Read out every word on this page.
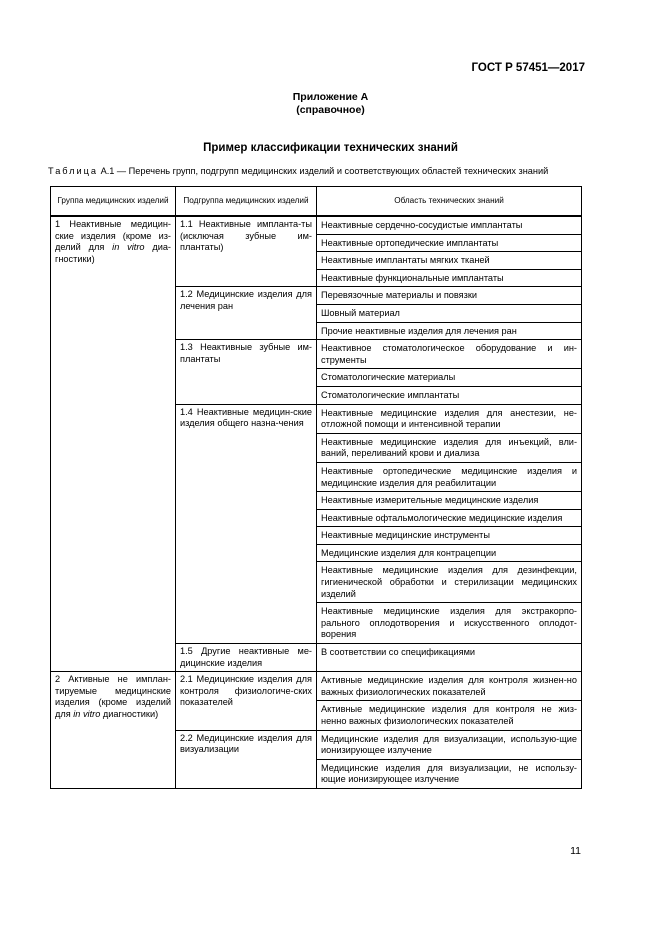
ГОСТ Р 57451—2017
Приложение А
(справочное)
Пример классификации технических знаний
Таблица А.1 — Перечень групп, подгрупп медицинских изделий и соответствующих областей технических знаний
Группа медицинских изделий	Подгруппа медицинских изделий	Область технических знаний
1 Неактивные медицин-ские изделия (кроме из-делий для in vitro диа-гностики)	1.1 Неактивные импланта-ты (исключая зубные им-плантаты)	Неактивные сердечно-сосудистые имплантаты
		Неактивные ортопедические имплантаты
		Неактивные имплантаты мягких тканей
		Неактивные функциональные имплантаты
	1.2 Медицинские изделия для лечения ран	Перевязочные материалы и повязки
		Шовный материал
		Прочие неактивные изделия для лечения ран
	1.3 Неактивные зубные им-плантаты	Неактивное стоматологическое оборудование и ин-струменты
		Стоматологические материалы
		Стоматологические имплантаты
	1.4 Неактивные медицин-ские изделия общего назна-чения	Неактивные медицинские изделия для анестезии, не-отложной помощи и интенсивной терапии
		Неактивные медицинские изделия для инъекций, вли-ваний, переливаний крови и диализа
		Неактивные ортопедические медицинские изделия и медицинские изделия для реабилитации
		Неактивные измерительные медицинские изделия
		Неактивные офтальмологические медицинские изделия
		Неактивные медицинские инструменты
		Медицинские изделия для контрацепции
		Неактивные медицинские изделия для дезинфекции, гигиенической обработки и стерилизации медицинских изделий
		Неактивные медицинские изделия для экстракорпо-рального оплодотворения и искусственного оплодот-ворения
	1.5 Другие неактивные ме-дицинские изделия	В соответствии со спецификациями
2 Активные не имплан-тируемые медицинские изделия (кроме изделий для in vitro диагностики)	2.1 Медицинские изделия для контроля физиологиче-ских показателей	Активные медицинские изделия для контроля жизнен-но важных физиологических показателей
		Активные медицинские изделия для контроля не жиз-ненно важных физиологических показателей
	2.2 Медицинские изделия для визуализации	Медицинские изделия для визуализации, использую-щие ионизирующее излучение
		Медицинские изделия для визуализации, не использу-ющие ионизирующее излучение
11
